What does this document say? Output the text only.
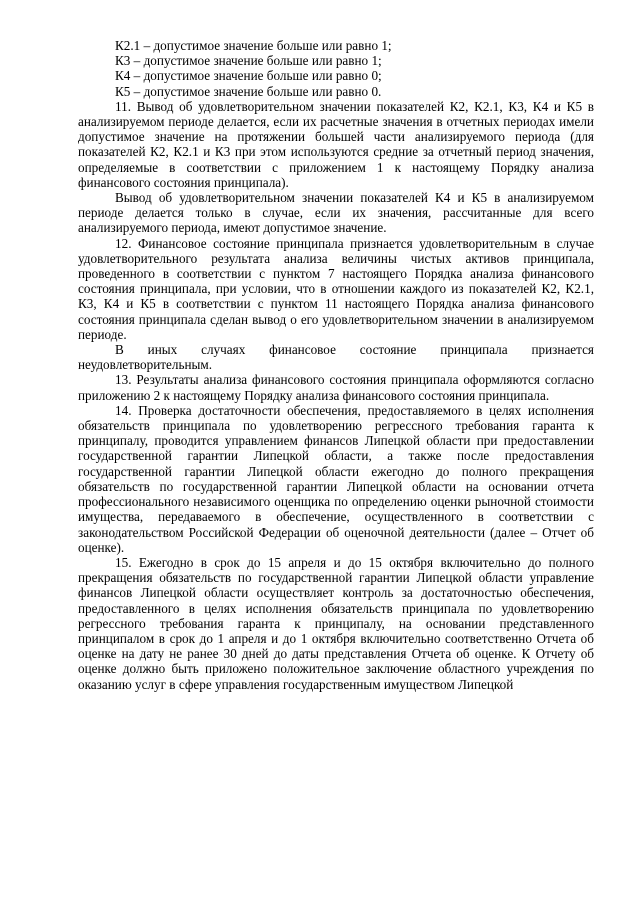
К2.1 – допустимое значение больше или равно 1;

К3 – допустимое значение больше или равно 1;

К4 – допустимое значение больше или равно 0;

К5 – допустимое значение больше или равно 0.

11. Вывод об удовлетворительном значении показателей К2, К2.1, К3, К4 и К5 в анализируемом периоде делается, если их расчетные значения в отчетных периодах имели допустимое значение на протяжении большей части анализируемого периода (для показателей К2, К2.1 и К3 при этом используются средние за отчетный период значения, определяемые в соответствии с приложением 1 к настоящему Порядку анализа финансового состояния принципала).

Вывод об удовлетворительном значении показателей К4 и К5 в анализируемом периоде делается только в случае, если их значения, рассчитанные для всего анализируемого периода, имеют допустимое значение.

12. Финансовое состояние принципала признается удовлетворительным в случае удовлетворительного результата анализа величины чистых активов принципала, проведенного в соответствии с пунктом 7 настоящего Порядка анализа финансового состояния принципала, при условии, что в отношении каждого из показателей К2, К2.1, К3, К4 и К5 в соответствии с пунктом 11 настоящего Порядка анализа финансового состояния принципала сделан вывод о его удовлетворительном значении в анализируемом периоде.

В иных случаях финансовое состояние принципала признается неудовлетворительным.

13. Результаты анализа финансового состояния принципала оформляются согласно приложению 2 к настоящему Порядку анализа финансового состояния принципала.

14. Проверка достаточности обеспечения, предоставляемого в целях исполнения обязательств принципала по удовлетворению регрессного требования гаранта к принципалу, проводится управлением финансов Липецкой области при предоставлении государственной гарантии Липецкой области, а также после предоставления государственной гарантии Липецкой области ежегодно до полного прекращения обязательств по государственной гарантии Липецкой области на основании отчета профессионального независимого оценщика по определению оценки рыночной стоимости имущества, передаваемого в обеспечение, осуществленного в соответствии с законодательством Российской Федерации об оценочной деятельности (далее – Отчет об оценке).

15. Ежегодно в срок до 15 апреля и до 15 октября включительно до полного прекращения обязательств по государственной гарантии Липецкой области управление финансов Липецкой области осуществляет контроль за достаточностью обеспечения, предоставленного в целях исполнения обязательств принципала по удовлетворению регрессного требования гаранта к принципалу, на основании представленного принципалом в срок до 1 апреля и до 1 октября включительно соответственно Отчета об оценке на дату не ранее 30 дней до даты представления Отчета об оценке. К Отчету об оценке должно быть приложено положительное заключение областного учреждения по оказанию услуг в сфере управления государственным имуществом Липецкой
